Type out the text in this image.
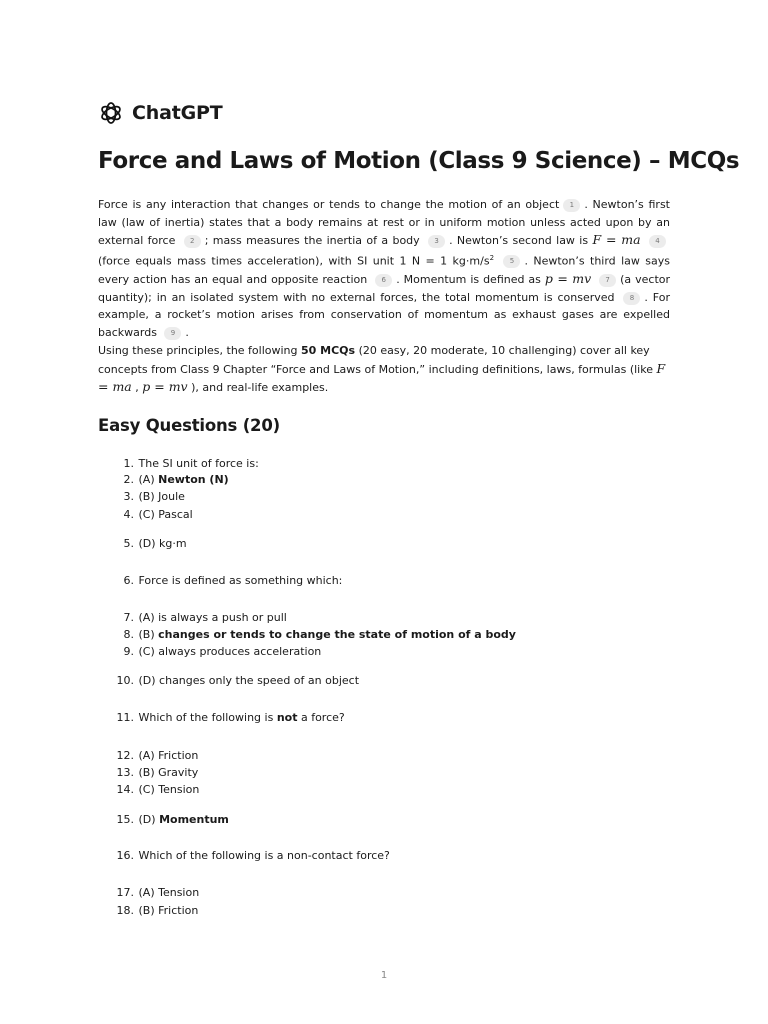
ChatGPT
Force and Laws of Motion (Class 9 Science) – MCQs

Force is any interaction that changes or tends to change the motion of an object 1 . Newton’s first law (law of inertia) states that a body remains at rest or in uniform motion unless acted upon by an external force 2 ; mass measures the inertia of a body 3 . Newton’s second law is F = ma 4(force equals mass times acceleration), with SI unit 1 N = 1 $kg\cdot m/s^2$ 5 . Newton’s third law says every action has an equal and opposite reaction 6 . Momentum is defined as p = mv 7 (a vector quantity); in an isolated system with no external forces, the total momentum is conserved 8 . For example, a rocket’s motion arises from conservation of momentum as exhaust gases are expelled backwards 9 .

Using these principles, the following 50 MCQs (20 easy, 20 moderate, 10 challenging) cover all key concepts from Class 9 Chapter “Force and Laws of Motion,” including definitions, laws, formulas (like F = ma , p = mv ), and real-life examples.

Easy Questions (20)
1. The SI unit of force is:
2. (A) Newton (N)
3. (B) Joule
4. (C) Pascal
5. (D) kg·m
6. Force is defined as something which:
7. (A) is always a push or pull
8. (B) changes or tends to change the state of motion of a body
9. (C) always produces acceleration
10. (D) changes only the speed of an object
11. Which of the following is not a force?
12. (A) Friction
13. (B) Gravity
14. (C) Tension
15. (D) Momentum
16. Which of the following is a non-contact force?
17. (A) Tension
18. (B) Friction
1
